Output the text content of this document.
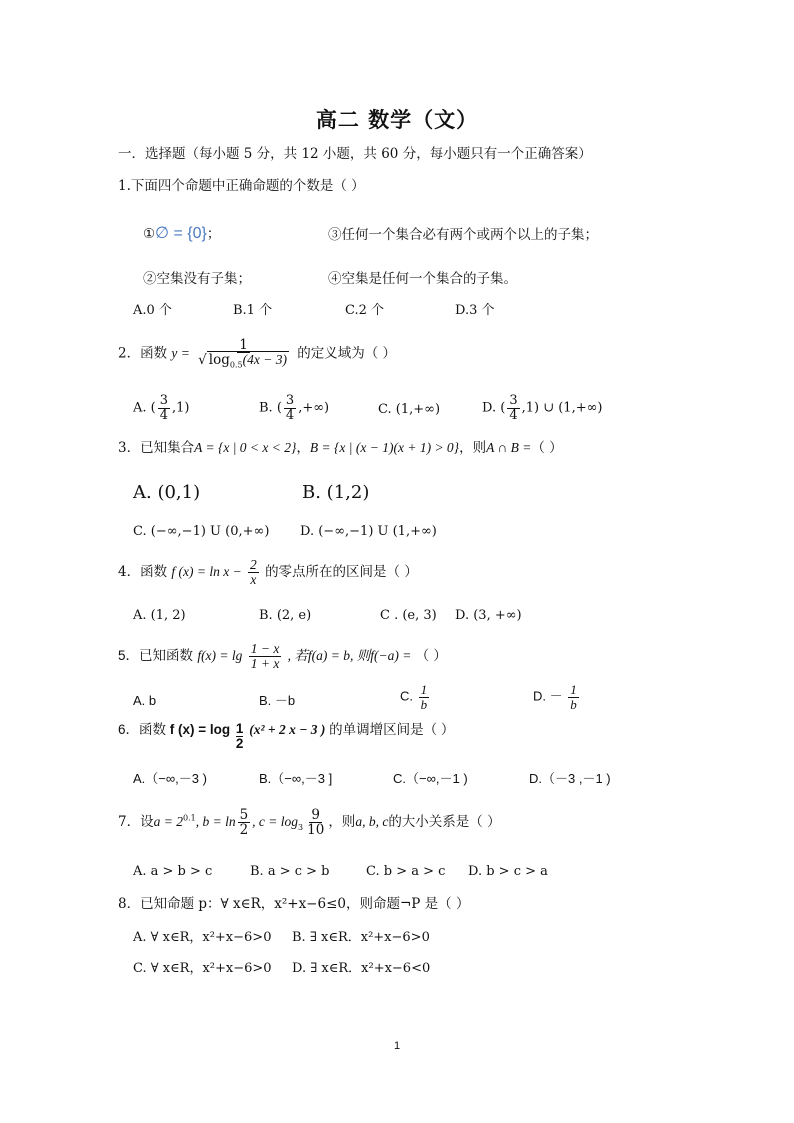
高二 数学（文）
一．选择题（每小题 5 分，共 12 小题，共 60 分，每小题只有一个正确答案）
1.下面四个命题中正确命题的个数是（ ）
①∅ = {0}；	③任何一个集合必有两个或两个以上的子集；
②空集没有子集；	④空集是任何一个集合的子集。
A.0 个	B.1 个	C.2 个	D.3 个
2．函数 $y = \frac{1}{√ \log_{0.5}(4x - 3)}$ 的定义域为（ ）
A. ( $\frac{3}{4} ,1$)	B. ( $\frac{3}{4}$ ,+∞)	C. (1,+∞)	D. ( $\frac{3}{4} ,1$) ∪ (1,+∞)
3．已知集合A = {x | 0 < x < 2}，B = {x | (x − 1)(x + 1) > 0}，则A ∩ B =（ ）
A. (0,1)	B. (1,2)
C. (−∞,−1) U (0,+∞) D. (−∞,−1) U (1,+∞)
4．函数 f $(x) = \ln x - \frac{2}{x}$ 的零点所在的区间是（ ）
A. (1, 2)	B. (2, e)	C . (e, 3) D. (3, +∞)
5．已知函数 $f(x) = \lg \frac{1 - x}{1 + x}$ , 若f(a) = b, 则f(−a) = （ ）
A. b	B. －b	C. $\frac{1}{b}$	D. － $\frac{1}{b}$
6．函数 f $(x) = \log \frac{1}{2} (x^2 + 2$ x − 3 ) 的单调增区间是（ ）
A.（−∞,－3 )	B.（−∞,－3 ]	C.（−∞,－1 )	D.（－3 ,－1 )
7．设$a = 2^{0.1}$, $b = \ln \frac{5}{2}$ , $c = \log_3 \frac{9}{10}$ ，则a, b, c的大小关系是（ ）
A. a > b > c	B. a > c > b	C. b > a > c D. b > c > a
8．已知命题 p：∀ x∈R，x²+x−6≤0，则命题¬P 是（ ）
A. ∀ x∈R，x²+x−6>0 B. ∃ x∈R．x²+x−6>0
C. ∀ x∈R，x²+x−6>0 D. ∃ x∈R．x²+x−6<0
1
